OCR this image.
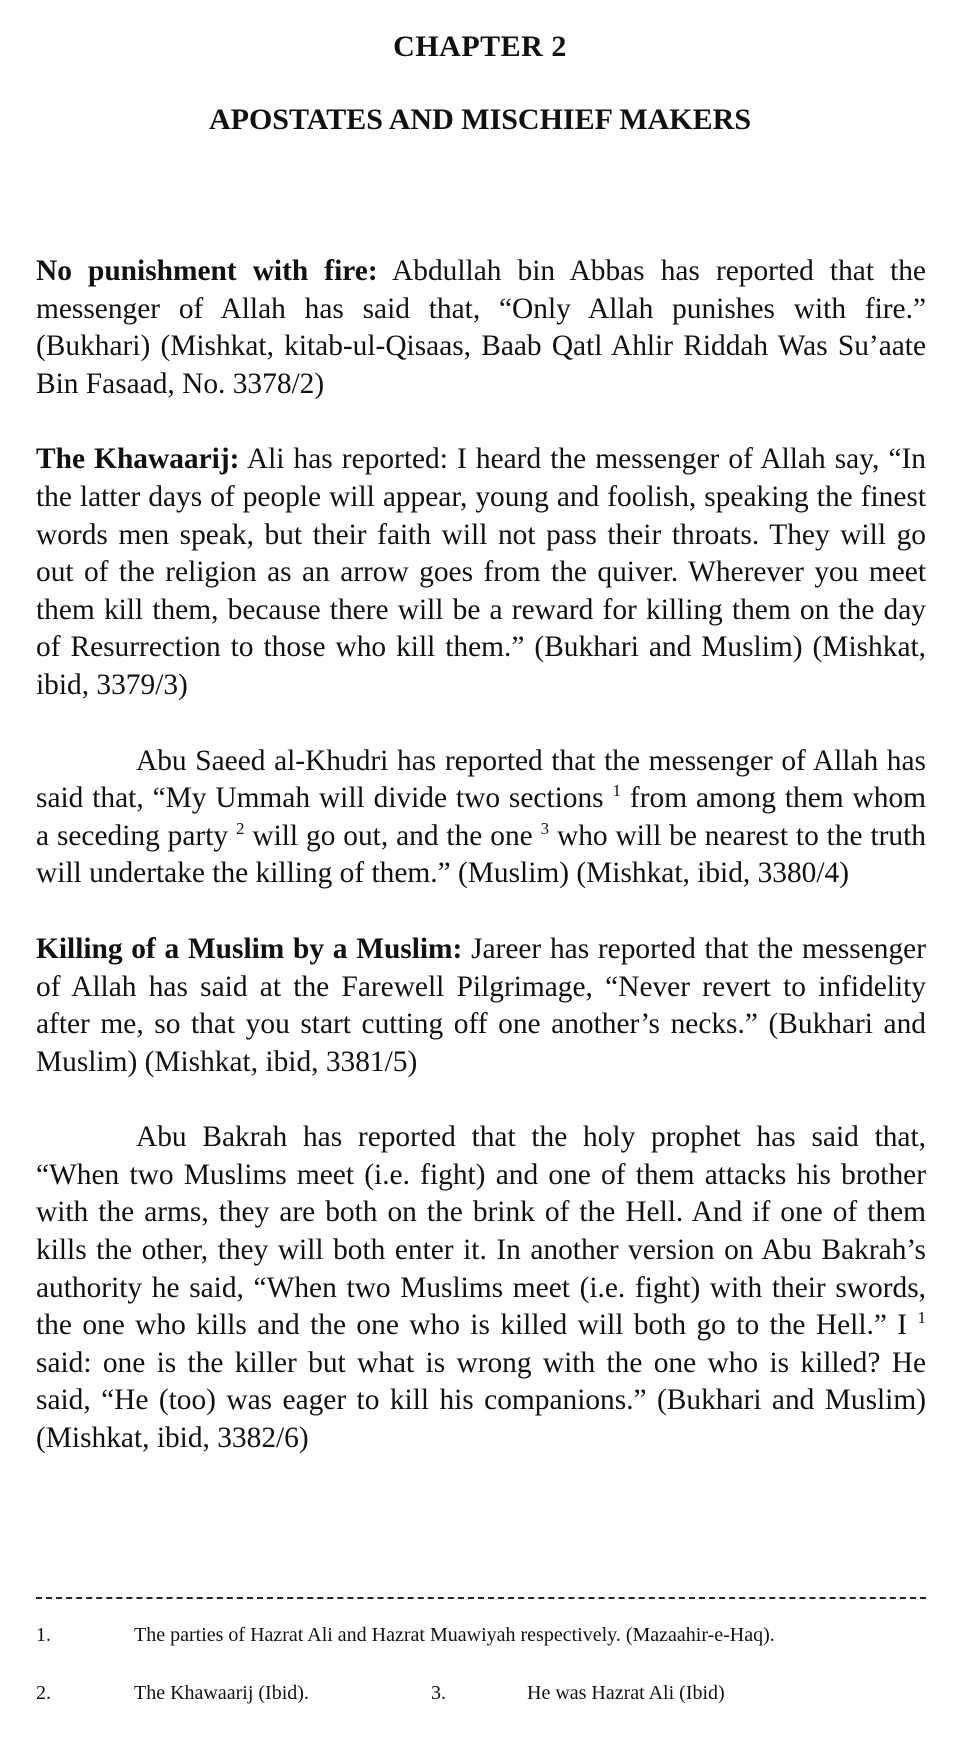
CHAPTER 2
APOSTATES AND MISCHIEF MAKERS

No punishment with fire: Abdullah bin Abbas has reported that the messenger of Allah has said that, “Only Allah punishes with fire.” (Bukhari) (Mishkat, kitab-ul-Qisaas, Baab Qatl Ahlir Riddah Was Su’aate Bin Fasaad, No. 3378/2)

The Khawaarij: Ali has reported: I heard the messenger of Allah say, “In the latter days of people will appear, young and foolish, speaking the finest words men speak, but their faith will not pass their throats. They will go out of the religion as an arrow goes from the quiver. Wherever you meet them kill them, because there will be a reward for killing them on the day of Resurrection to those who kill them.” (Bukhari and Muslim) (Mishkat, ibid, 3379/3)

Abu Saeed al-Khudri has reported that the messenger of Allah has said that, “My Ummah will divide two sections $^1$ from among them whom a seceding party $^2$ will go out, and the one $^3$ who will be nearest to the truth will undertake the killing of them.” (Muslim) (Mishkat, ibid, 3380/4)

Killing of a Muslim by a Muslim: Jareer has reported that the messenger of Allah has said at the Farewell Pilgrimage, “Never revert to infidelity after me, so that you start cutting off one another’s necks.” (Bukhari and Muslim) (Mishkat, ibid, 3381/5)

Abu Bakrah has reported that the holy prophet has said that, “When two Muslims meet (i.e. fight) and one of them attacks his brother with the arms, they are both on the brink of the Hell. And if one of them kills the other, they will both enter it. In another version on Abu Bakrah’s authority he said, “When two Muslims meet (i.e. fight) with their swords, the one who kills and the one who is killed will both go to the Hell.” I $^1$ said: one is the killer but what is wrong with the one who is killed? He said, “He (too) was eager to kill his companions.” (Bukhari and Muslim) (Mishkat, ibid, 3382/6)

1.	The parties of Hazrat Ali and Hazrat Muawiyah respectively. (Mazaahir-e-Haq).
2.	The Khawaarij (Ibid).	3.	He was Hazrat Ali (Ibid)
